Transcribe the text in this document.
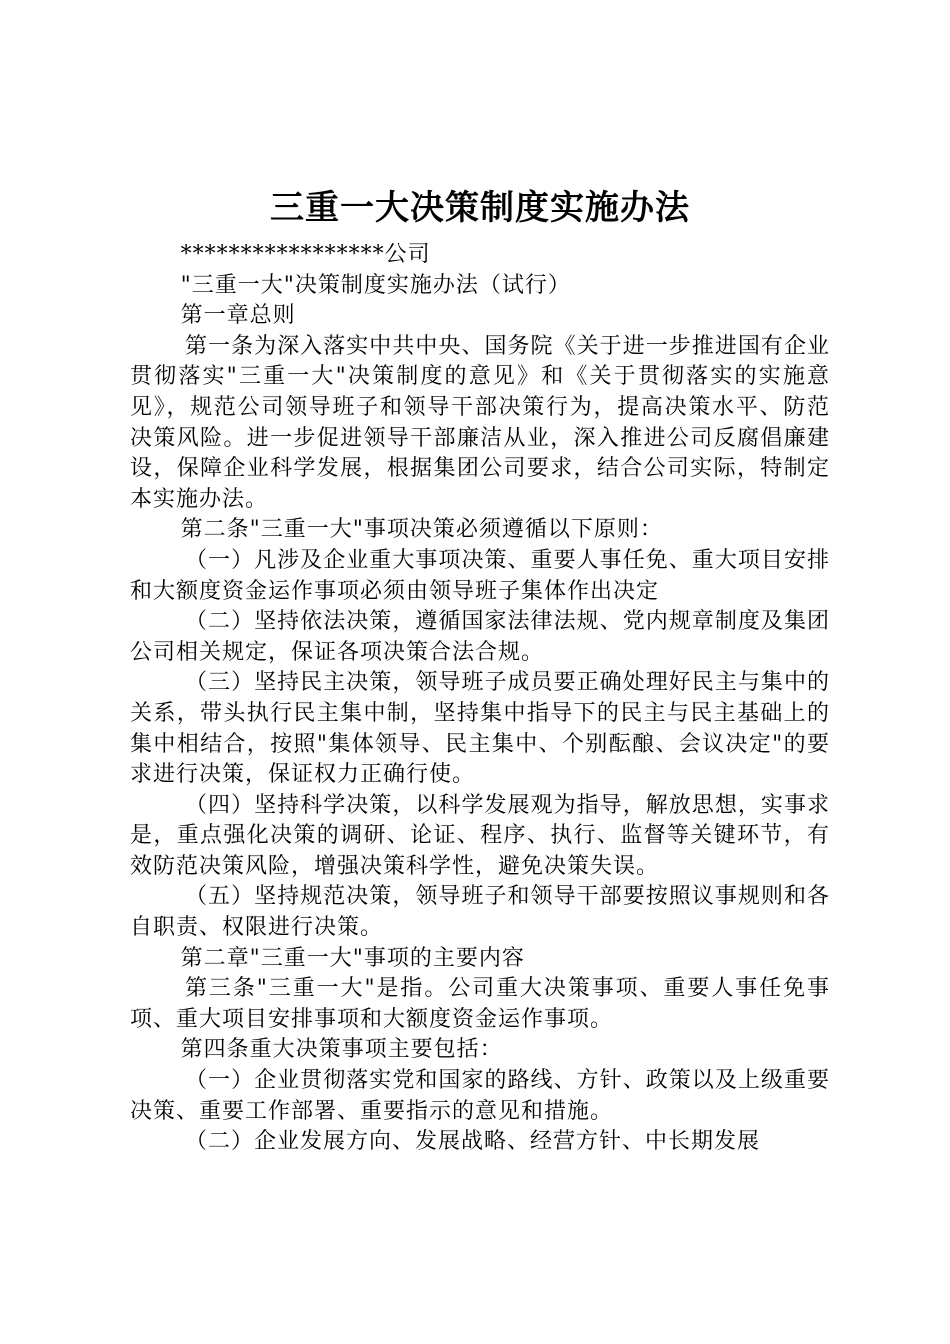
三重一大决策制度实施办法

*****************公司

"三重一大"决策制度实施办法（试行）

第一章总则

第一条为深入落实中共中央、国务院《关于进一步推进国有企业贯彻落实"三重一大"决策制度的意见》和《关于贯彻落实的实施意见》，规范公司领导班子和领导干部决策行为，提高决策水平、防范决策风险。进一步促进领导干部廉洁从业，深入推进公司反腐倡廉建设，保障企业科学发展，根据集团公司要求，结合公司实际，特制定本实施办法。

第二条"三重一大"事项决策必须遵循以下原则：

（一）凡涉及企业重大事项决策、重要人事任免、重大项目安排和大额度资金运作事项必须由领导班子集体作出决定

（二）坚持依法决策，遵循国家法律法规、党内规章制度及集团公司相关规定，保证各项决策合法合规。

（三）坚持民主决策，领导班子成员要正确处理好民主与集中的关系，带头执行民主集中制，坚持集中指导下的民主与民主基础上的集中相结合，按照"集体领导、民主集中、个别酝酿、会议决定"的要求进行决策，保证权力正确行使。

（四）坚持科学决策，以科学发展观为指导，解放思想，实事求是，重点强化决策的调研、论证、程序、执行、监督等关键环节，有效防范决策风险，增强决策科学性，避免决策失误。

（五）坚持规范决策，领导班子和领导干部要按照议事规则和各自职责、权限进行决策。

第二章"三重一大"事项的主要内容

第三条"三重一大"是指。公司重大决策事项、重要人事任免事项、重大项目安排事项和大额度资金运作事项。

第四条重大决策事项主要包括：

（一）企业贯彻落实党和国家的路线、方针、政策以及上级重要决策、重要工作部署、重要指示的意见和措施。

（二）企业发展方向、发展战略、经营方针、中长期发展
